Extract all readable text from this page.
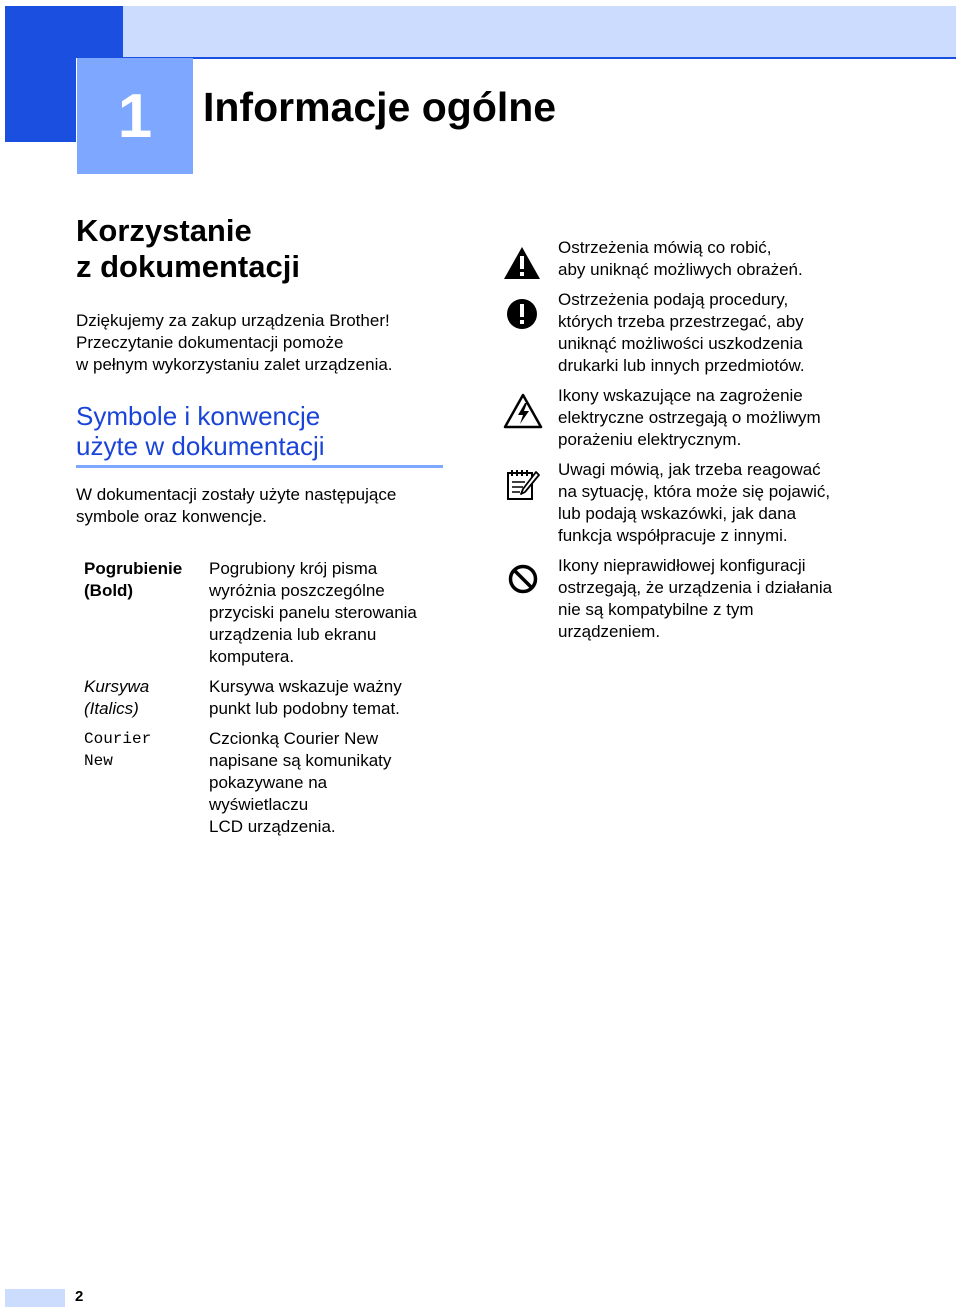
1	Informacje ogólne
Korzystanie
z dokumentacji
Dziękujemy za zakup urządzenia Brother!
Przeczytanie dokumentacji pomoże
w pełnym wykorzystaniu zalet urządzenia.
Symbole i konwencje
użyte w dokumentacji
W dokumentacji zostały użyte następujące
symbole oraz konwencje.
Pogrubienie
(Bold)
Pogrubiony krój pisma
wyróżnia poszczególne
przyciski panelu sterowania
urządzenia lub ekranu
komputera.
Kursywa
(Italics)
Kursywa wskazuje ważny
punkt lub podobny temat.
Courier
New
Czcionką Courier New
napisane są komunikaty
pokazywane na
wyświetlaczu
LCD urządzenia.
Ostrzeżenia mówią co robić,
aby uniknąć możliwych obrażeń.
Ostrzeżenia podają procedury,
których trzeba przestrzegać, aby
uniknąć możliwości uszkodzenia
drukarki lub innych przedmiotów.
Ikony wskazujące na zagrożenie
elektryczne ostrzegają o możliwym
porażeniu elektrycznym.
Uwagi mówią, jak trzeba reagować
na sytuację, która może się pojawić,
lub podają wskazówki, jak dana
funkcja współpracuje z innymi.
Ikony nieprawidłowej konfiguracji
ostrzegają, że urządzenia i działania
nie są kompatybilne z tym
urządzeniem.
2
